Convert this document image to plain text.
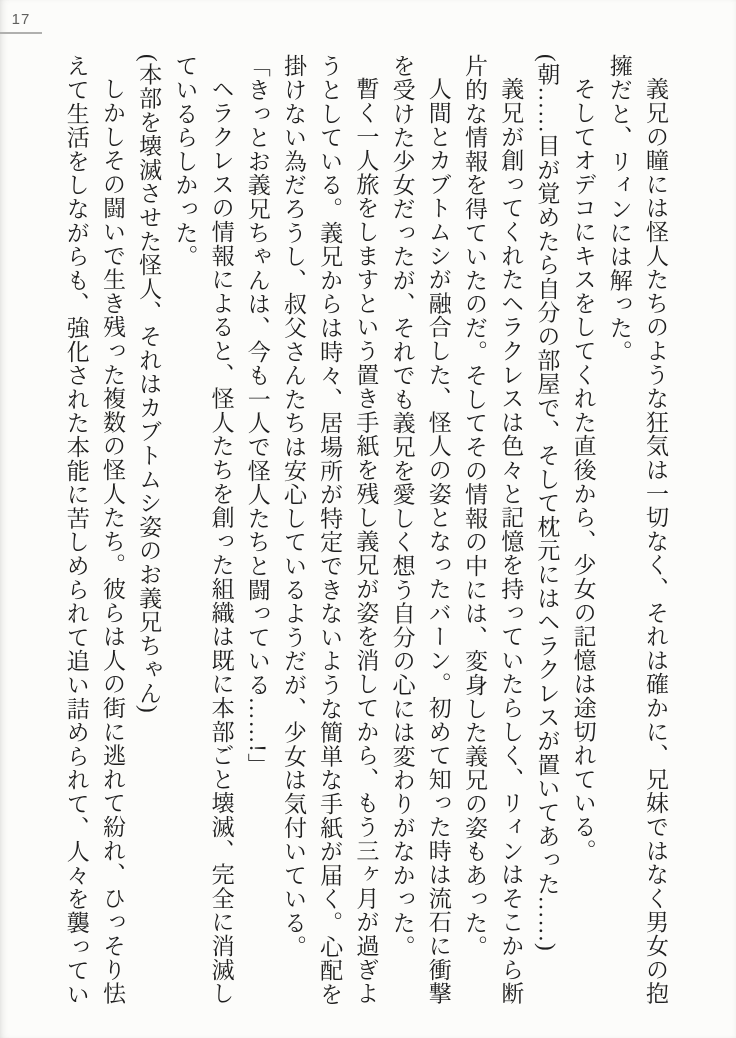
17

義兄の瞳には怪人たちのような狂気は一切なく、それは確かに、兄妹ではなく男女の抱

擁だと、リィンには解った。

そしてオデコにキスをしてくれた直後から、少女の記憶は途切れている。

(朝……目が覚めたら自分の部屋で、そして枕元にはヘラクレスが置いてあった……)

義兄が創ってくれたヘラクレスは色々と記憶を持っていたらしく、リィンはそこから断

片的な情報を得ていたのだ。そしてその情報の中には、変身した義兄の姿もあった。

人間とカブトムシが融合した、怪人の姿となったバーン。初めて知った時は流石に衝撃

を受けた少女だったが、それでも義兄を愛しく想う自分の心には変わりがなかった。

暫く一人旅をしますという置き手紙を残し義兄が姿を消してから、もう三ヶ月が過ぎよ

うとしている。義兄からは時々、居場所が特定できないような簡単な手紙が届く。心配を

掛けない為だろうし、叔父さんたちは安心しているようだが、少女は気付いている。

「きっとお義兄ちゃんは、今も一人で怪人たちと闘っている……!」

ヘラクレスの情報によると、怪人たちを創った組織は既に本部ごと壊滅、完全に消滅し

ているらしかった。

(本部を壊滅させた怪人、それはカブトムシ姿のお義兄ちゃん)

しかしその闘いで生き残った複数の怪人たち。彼らは人の街に逃れて紛れ、ひっそり怯

えて生活をしながらも、強化された本能に苦しめられて追い詰められて、人々を襲ってい
